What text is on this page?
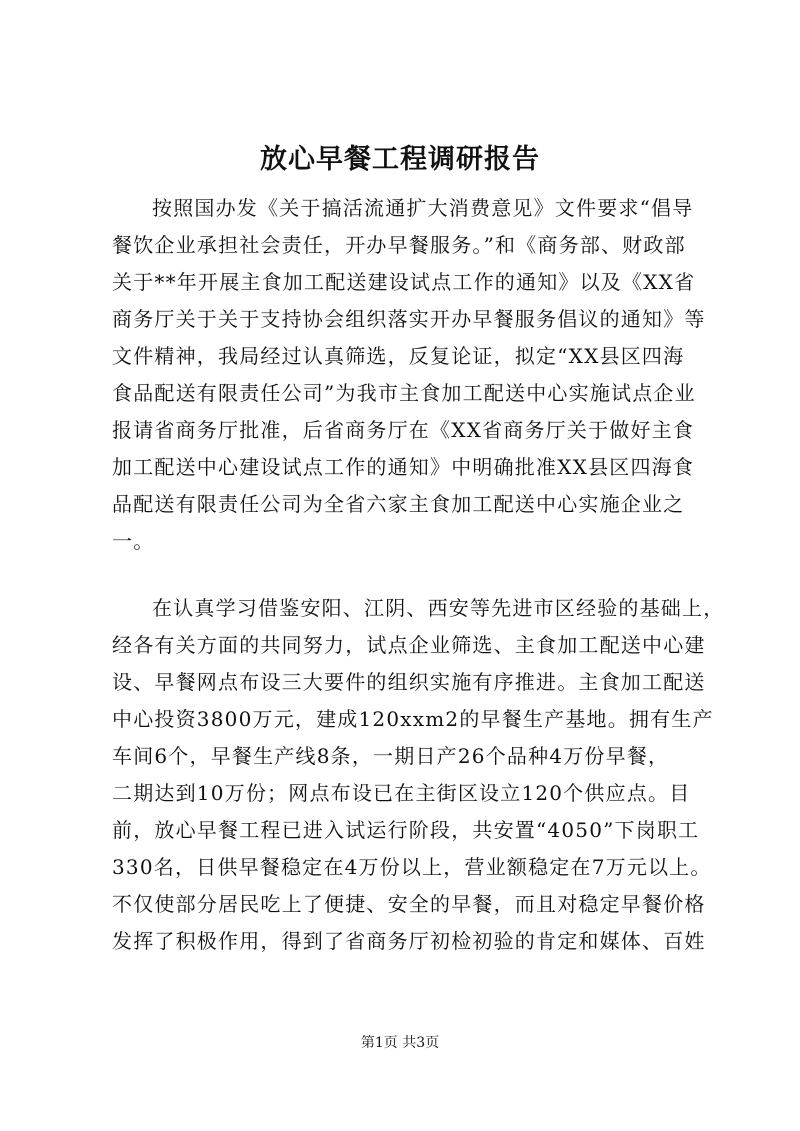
放心早餐工程调研报告

按照国办发《关于搞活流通扩大消费意见》文件要求“倡导
餐饮企业承担社会责任，开办早餐服务。”和《商务部、财政部
关于**年开展主食加工配送建设试点工作的通知》以及《XX省
商务厅关于关于支持协会组织落实开办早餐服务倡议的通知》等
文件精神，我局经过认真筛选，反复论证，拟定“XX县区四海
食品配送有限责任公司”为我市主食加工配送中心实施试点企业
报请省商务厅批准，后省商务厅在《XX省商务厅关于做好主食
加工配送中心建设试点工作的通知》中明确批准XX县区四海食
品配送有限责任公司为全省六家主食加工配送中心实施企业之
一。

在认真学习借鉴安阳、江阴、西安等先进市区经验的基础上，
经各有关方面的共同努力，试点企业筛选、主食加工配送中心建
设、早餐网点布设三大要件的组织实施有序推进。主食加工配送
中心投资3800万元，建成120xxm2的早餐生产基地。拥有生产
车间6个，早餐生产线8条，一期日产26个品种4万份早餐，
二期达到10万份；网点布设已在主街区设立120个供应点。目
前，放心早餐工程已进入试运行阶段，共安置“4050”下岗职工
330名，日供早餐稳定在4万份以上，营业额稳定在7万元以上。
不仅使部分居民吃上了便捷、安全的早餐，而且对稳定早餐价格
发挥了积极作用，得到了省商务厅初检初验的肯定和媒体、百姓

第1页 共3页
